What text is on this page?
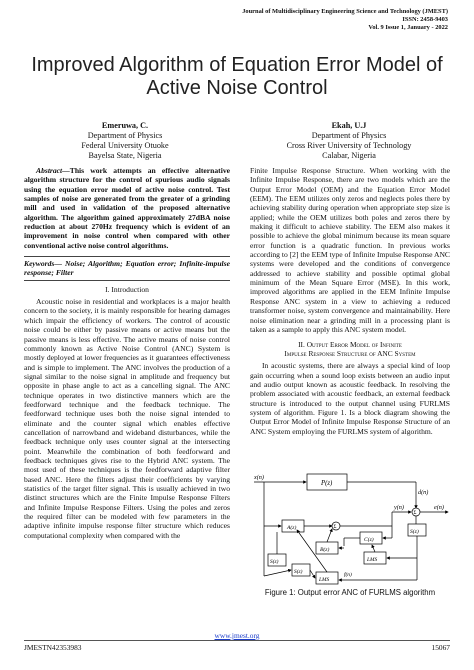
Journal of Multidisciplinary Engineering Science and Technology (JMEST)
ISSN: 2458-9403
Vol. 9 Issue 1, January - 2022
Improved Algorithm of Equation Error Model of
Active Noise Control
Emeruwa, C.
Department of Physics
Federal University Otuoke
Bayelsa State, Nigeria
Ekah, U.J
Department of Physics
Cross River University of Technology
Calabar, Nigeria

Abstract—This work attempts an effective alternative algorithm structure for the control of spurious audio signals using the equation error model of active noise control. Test samples of noise are generated from the greater of a grinding mill and used in validation of the proposed alternative algorithm. The algorithm gained approximately 27dBA noise reduction at about 270Hz frequency which is evident of an improvement in noise control when compared with other conventional active noise control algorithms.

Keywords— Noise; Algorithm; Equation error; Infinite-impulse response; Filter
I. Introduction

Acoustic noise in residential and workplaces is a major health concern to the society, it is mainly responsible for hearing damages which impair the efficiency of workers. The control of acoustic noise could be either by passive means or active means but the passive means is less effective. The active means of noise control commonly known as Active Noise Control (ANC) System is mostly deployed at lower frequencies as it guarantees effectiveness and is simple to implement. The ANC involves the production of a signal similar to the noise signal in amplitude and frequency but opposite in phase angle to act as a cancelling signal. The ANC technique operates in two distinctive manners which are the feedforward technique and the feedback technique. The feedforward technique uses both the noise signal intended to eliminate and the counter signal which enables effective cancellation of narrowband and wideband disturbances, while the feedback technique only uses counter signal at the intersecting point. Meanwhile the combination of both feedforward and feedback techniques gives rise to the Hybrid ANC system. The most used of these techniques is the feedforward adaptive filter based ANC. Here the filters adjust their coefficients by varying statistics of the target filter signal. This is usually achieved in two distinct structures which are the Finite Impulse Response Filters and Infinite Impulse Response Filters. Using the poles and zeros the required filter can be modeled with few parameters in the adaptive infinite impulse response filter structure which reduces computational complexity when compared with the

Finite Impulse Response Structure. When working with the Infinite Impulse Response, there are two models which are the Output Error Model (OEM) and the Equation Error Model (EEM). The EEM utilizes only zeros and neglects poles there by achieving stability during operation when appropriate step size is applied; while the OEM utilizes both poles and zeros there by making it difficult to achieve stability. The EEM also makes it possible to achieve the global minimum because its mean square error function is a quadratic function. In previous works according to [2] the EEM type of Infinite Impulse Response ANC systems were developed and the conditions of convergence addressed to achieve stability and possible optimal global minimum of the Mean Square Error (MSE). In this work, improved algorithms are applied in the EEM Infinite Impulse Response ANC system in a view to achieving a reduced transformer noise, system convergence and maintainability. Here noise elimination near a grinding mill in a processing plant is taken as a sample to apply this ANC system model.

II. Output Error Model of Infinite
Impulse Response Structure of ANC System

In acoustic systems, there are always a special kind of loop gain occurring when a sound loop exists between an audio input and audio output known as acoustic feedback. In resolving the problem associated with acoustic feedback, an external feedback structure is introduced to the output channel using FURLMS system of algorithm. Figure 1. Is a block diagram showing the Output Error Model of Infinite Impulse Response Structure of an ANC System employing the FURLMS system of algorithm.

x(n)
P(z)
d(n)
e(n)
S(z)
A(z)
y(n)
C(z)
B(z)
LMS
LMS
S(z)
S(z)	f(n)
Σ
Σ
Figure 1: Output error ANC of FURLMS algorithm
www.jmest.org
JMESTN42353983	15067
